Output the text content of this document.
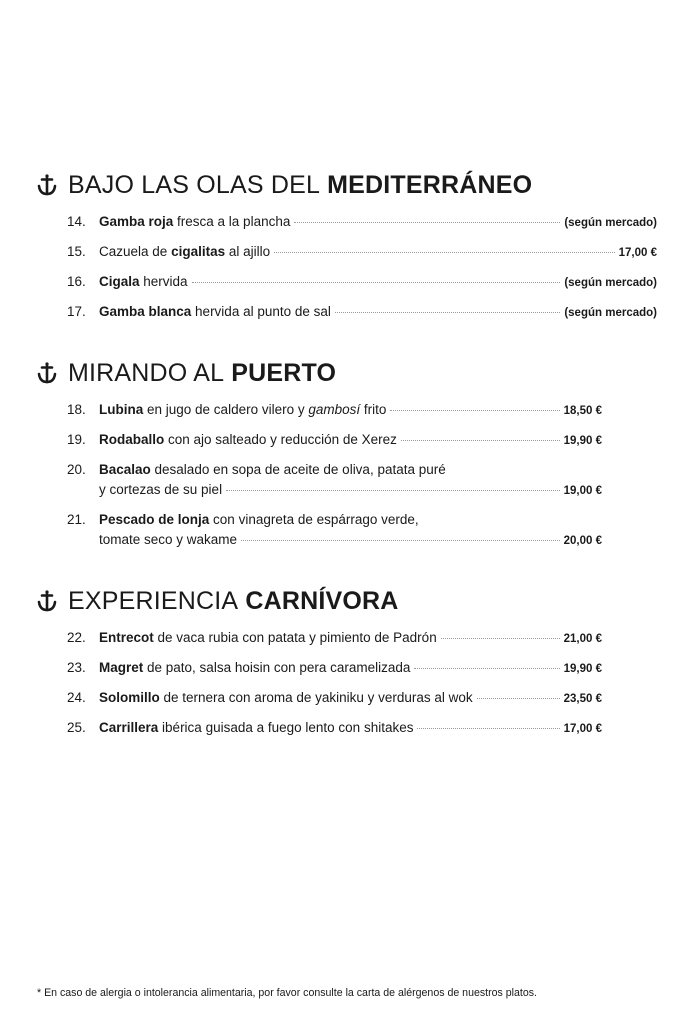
BAJO LAS OLAS DEL MEDITERRÁNEO
14. Gamba roja fresca a la plancha	(según mercado)
15. Cazuela de cigalitas al ajillo	17,00 €
16. Cigala hervida	(según mercado)
17. Gamba blanca hervida al punto de sal	(según mercado)
MIRANDO AL PUERTO
18. Lubina en jugo de caldero vilero y gambosí frito	18,50 €
19. Rodaballo con ajo salteado y reducción de Xerez	19,90 €
20. Bacalao desalado en sopa de aceite de oliva, patata puré
y cortezas de su piel	19,00 €
21. Pescado de lonja con vinagreta de espárrago verde,
tomate seco y wakame	20,00 €
EXPERIENCIA CARNÍVORA
22. Entrecot de vaca rubia con patata y pimiento de Padrón	21,00 €
23. Magret de pato, salsa hoisin con pera caramelizada	19,90 €
24. Solomillo de ternera con aroma de yakiniku y verduras al wok	23,50 €
25. Carrillera ibérica guisada a fuego lento con shitakes	17,00 €
* En caso de alergia o intolerancia alimentaria, por favor consulte la carta de alérgenos de nuestros platos.
